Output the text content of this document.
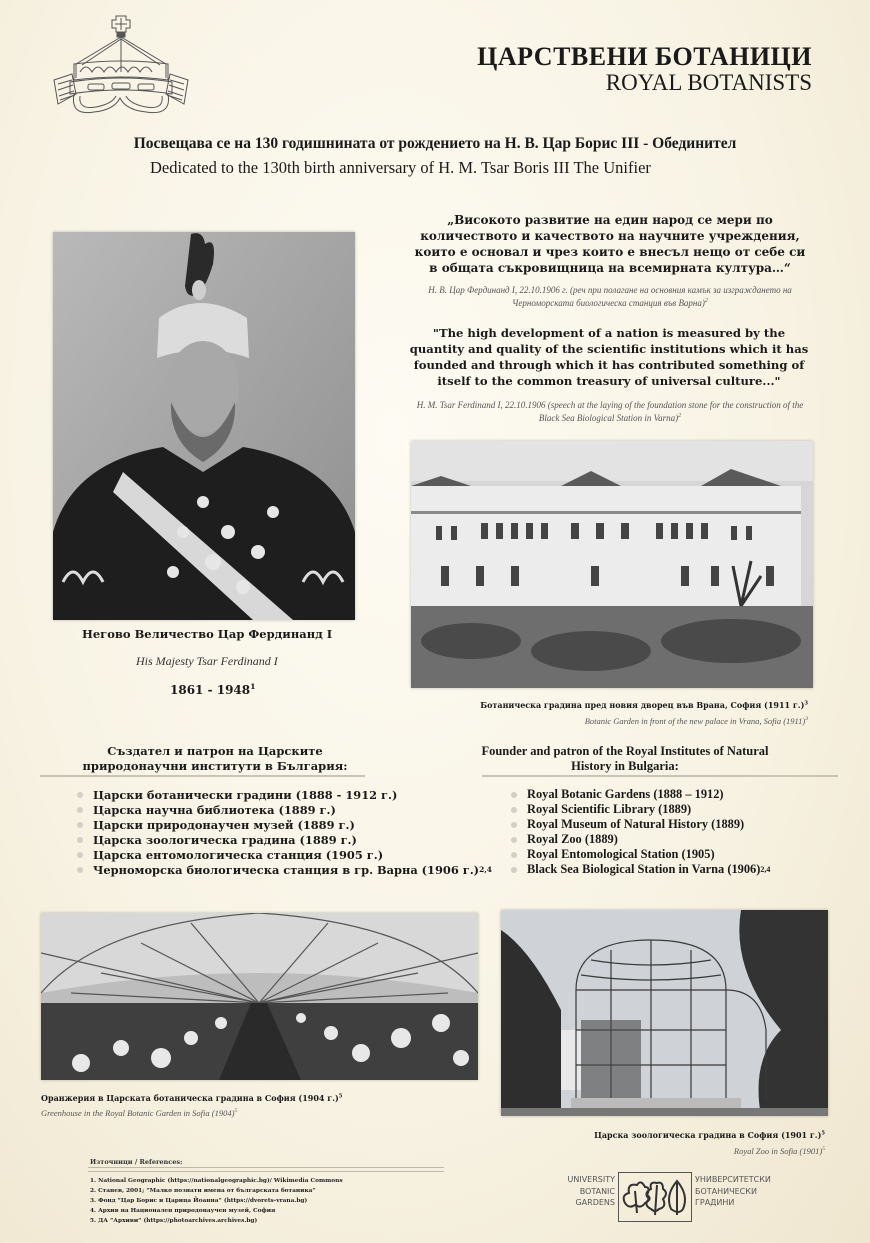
ЦАРСТВЕНИ БОТАНИЦИ
ROYAL BOTANISTS
Посвещава се на 130 годишнината от рождението на Н. В. Цар Борис III - Обединител
Dedicated to the 130th birth anniversary of H. M. Tsar Boris III The Unifier
„Високото развитие на един народ се мери по количеството и качеството на научните учреждения, които е основал и чрез които е внесъл нещо от себе си в общата съкровищница на всемирната култура…“
Н. В. Цар Фердинанд I, 22.10.1906 г. (реч при полагане на основния камък за изграждането на Черноморската биологическа станция във Варна)$^2$
"The high development of a nation is measured by the quantity and quality of the scientific institutions which it has founded and through which it has contributed something of itself to the common treasury of universal culture..."
H. M. Tsar Ferdinand I, 22.10.1906 (speech at the laying of the foundation stone for the construction of the Black Sea Biological Station in Varna)$^2$
Негово Величество Цар Фердинанд I
His Majesty Tsar Ferdinand I
1861 - 1948$^1$
Ботаническа градина пред новия дворец във Врана, София (1911 г.)$^3$
Botanic Garden in front of the new palace in Vrana, Sofia $(1911)^3$
Създател и патрон на Царските природонаучни институти в България:
Founder and patron of the Royal Institutes of Natural History in Bulgaria:
Царски ботанически градини (1888 - 1912 г.)
Царска научна библиотека (1889 г.)
Царски природонаучен музей (1889 г.)
Царска зоологическа градина (1889 г.)
Царска ентомологическа станция (1905 г.)
Черноморска биологическа станция в гр. Варна (1906 г.) 2,4
Royal Botanic Gardens (1888 – 1912)
Royal Scientific Library (1889)
Royal Museum of Natural History (1889)
Royal Zoo (1889)
Royal Entomological Station (1905)
Black Sea Biological Station in Varna (1906) 2,4
Оранжерия в Царската ботаническа градина в София (1904 г.)$^5$
Greenhouse in the Royal Botanic Garden in Sofia $(1904)^5$
Царска зоологическа градина в София (1901 г.)$^5$
Royal Zoo in Sofia $(1901)^5$
Източници / References:
1. National Geographic (https://nationalgeographic.bg)/ Wikimedia Commons
2. Станев, 2001; “Малко познати имена от българската ботаника”
3. Фонд “Цар Борис и Царица Йоанна” (https://dvorets-vrana.bg)
4. Архив на Национален природонаучен музей, София
5. ДА “Архиви” (https://photoarchives.archives.bg)
UNIVERSITY
BOTANIC
GARDENS
УНИВЕРСИТЕТСКИ
БОТАНИЧЕСКИ
ГРАДИНИ
